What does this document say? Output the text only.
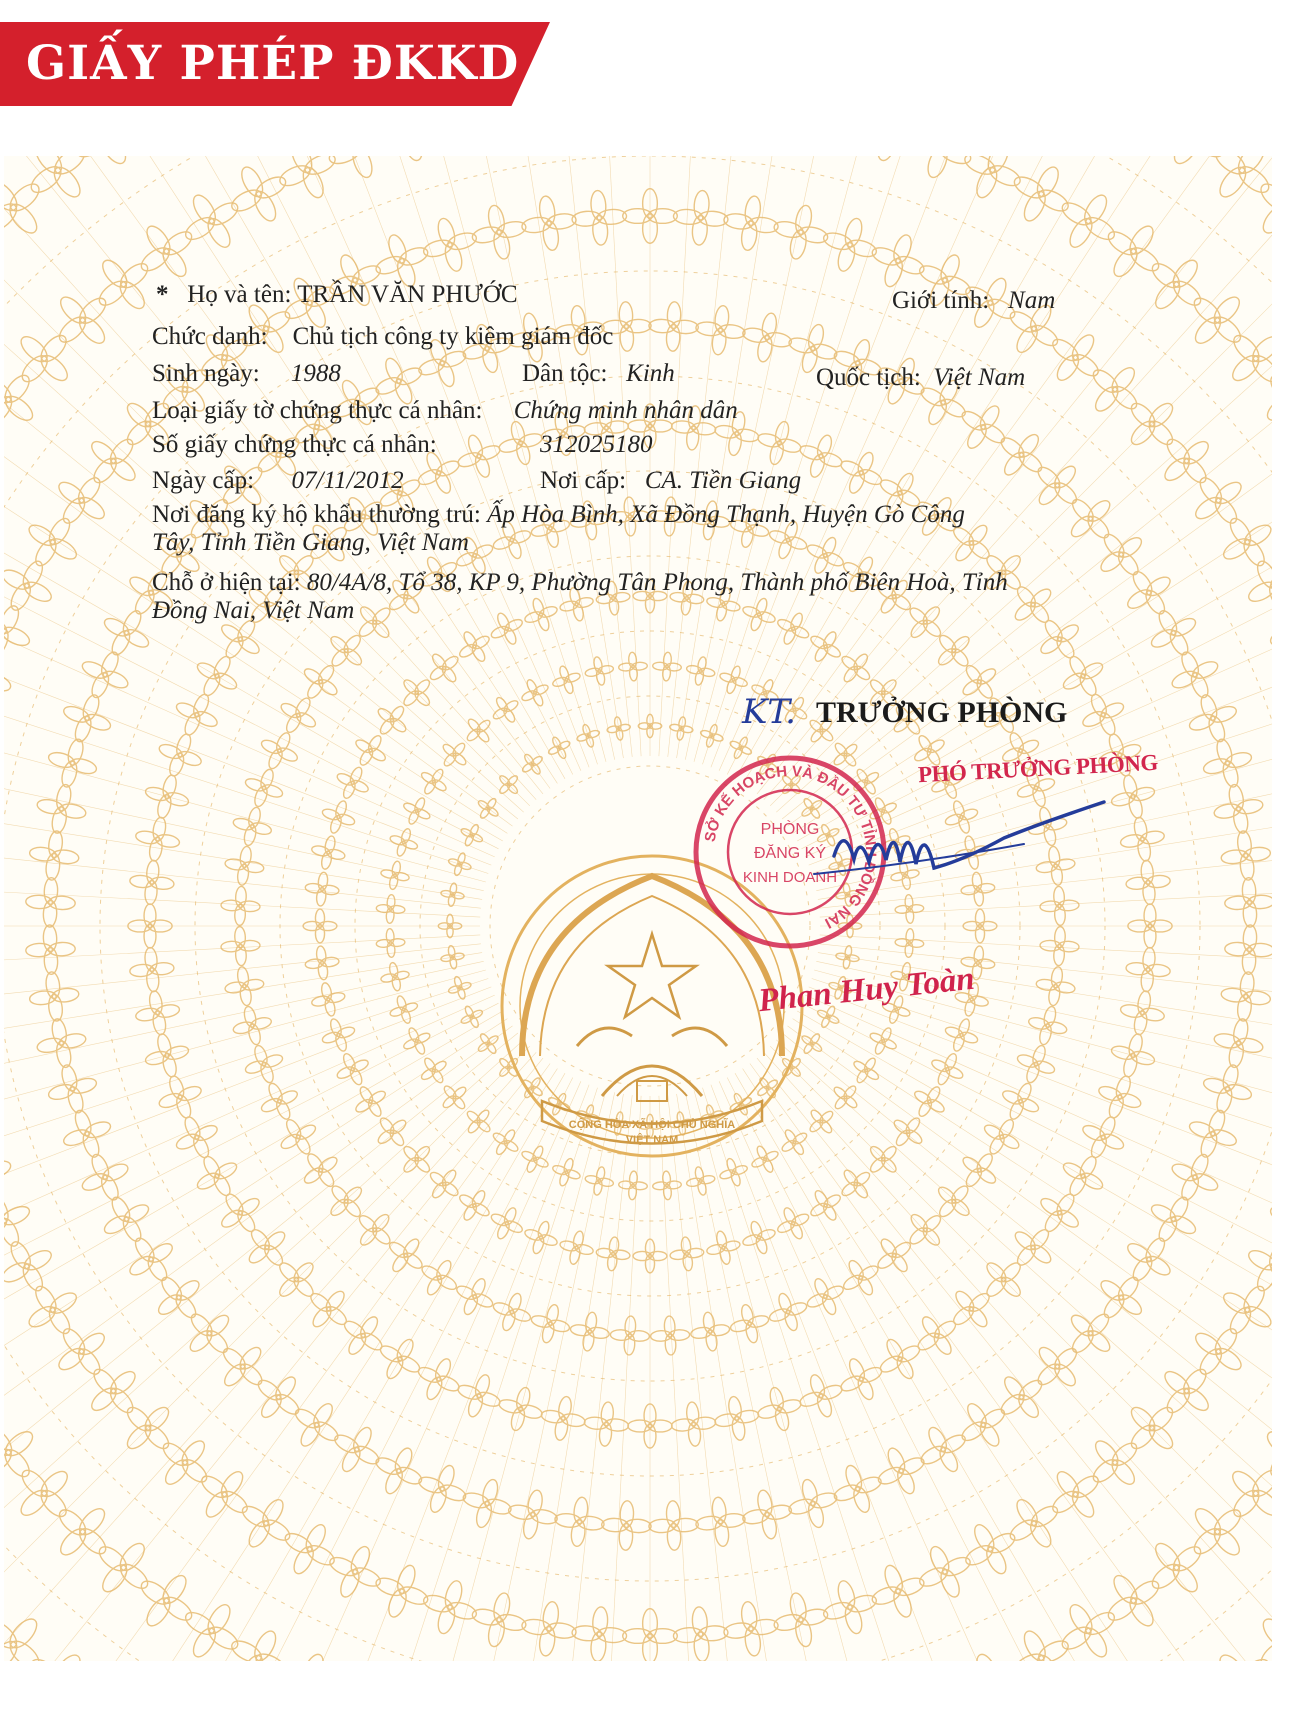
GIẤY PHÉP ĐKKD
CỘNG HÒA XÃ HỘI CHỦ NGHĨA
VIỆT NAM

* Họ và tên: TRẦN VĂN PHƯỚC	Giới tính: Nam

Chức danh: Chủ tịch công ty kiêm giám đốc

Sinh ngày: 1988	Dân tộc: Kinh	Quốc tịch: Việt Nam

Loại giấy tờ chứng thực cá nhân: Chứng minh nhân dân

Số giấy chứng thực cá nhân:	312025180

Ngày cấp: 07/11/2012	Nơi cấp: CA. Tiền Giang

Nơi đăng ký hộ khẩu thường trú: Ấp Hòa Bình, Xã Đồng Thạnh, Huyện Gò Công

Tây, Tỉnh Tiền Giang, Việt Nam

Chỗ ở hiện tại: 80/4A/8, Tổ 38, KP 9, Phường Tân Phong, Thành phố Biên Hoà, Tỉnh

Đồng Nai, Việt Nam

KT. TRƯỞNG PHÒNG
PHÓ TRƯỞNG PHÒNG
SỞ KẾ HOẠCH VÀ ĐẦU TƯ TỈNH ĐỒNG NAI
PHÒNG
ĐĂNG KÝ
KINH DOANH
Phan Huy Toàn
